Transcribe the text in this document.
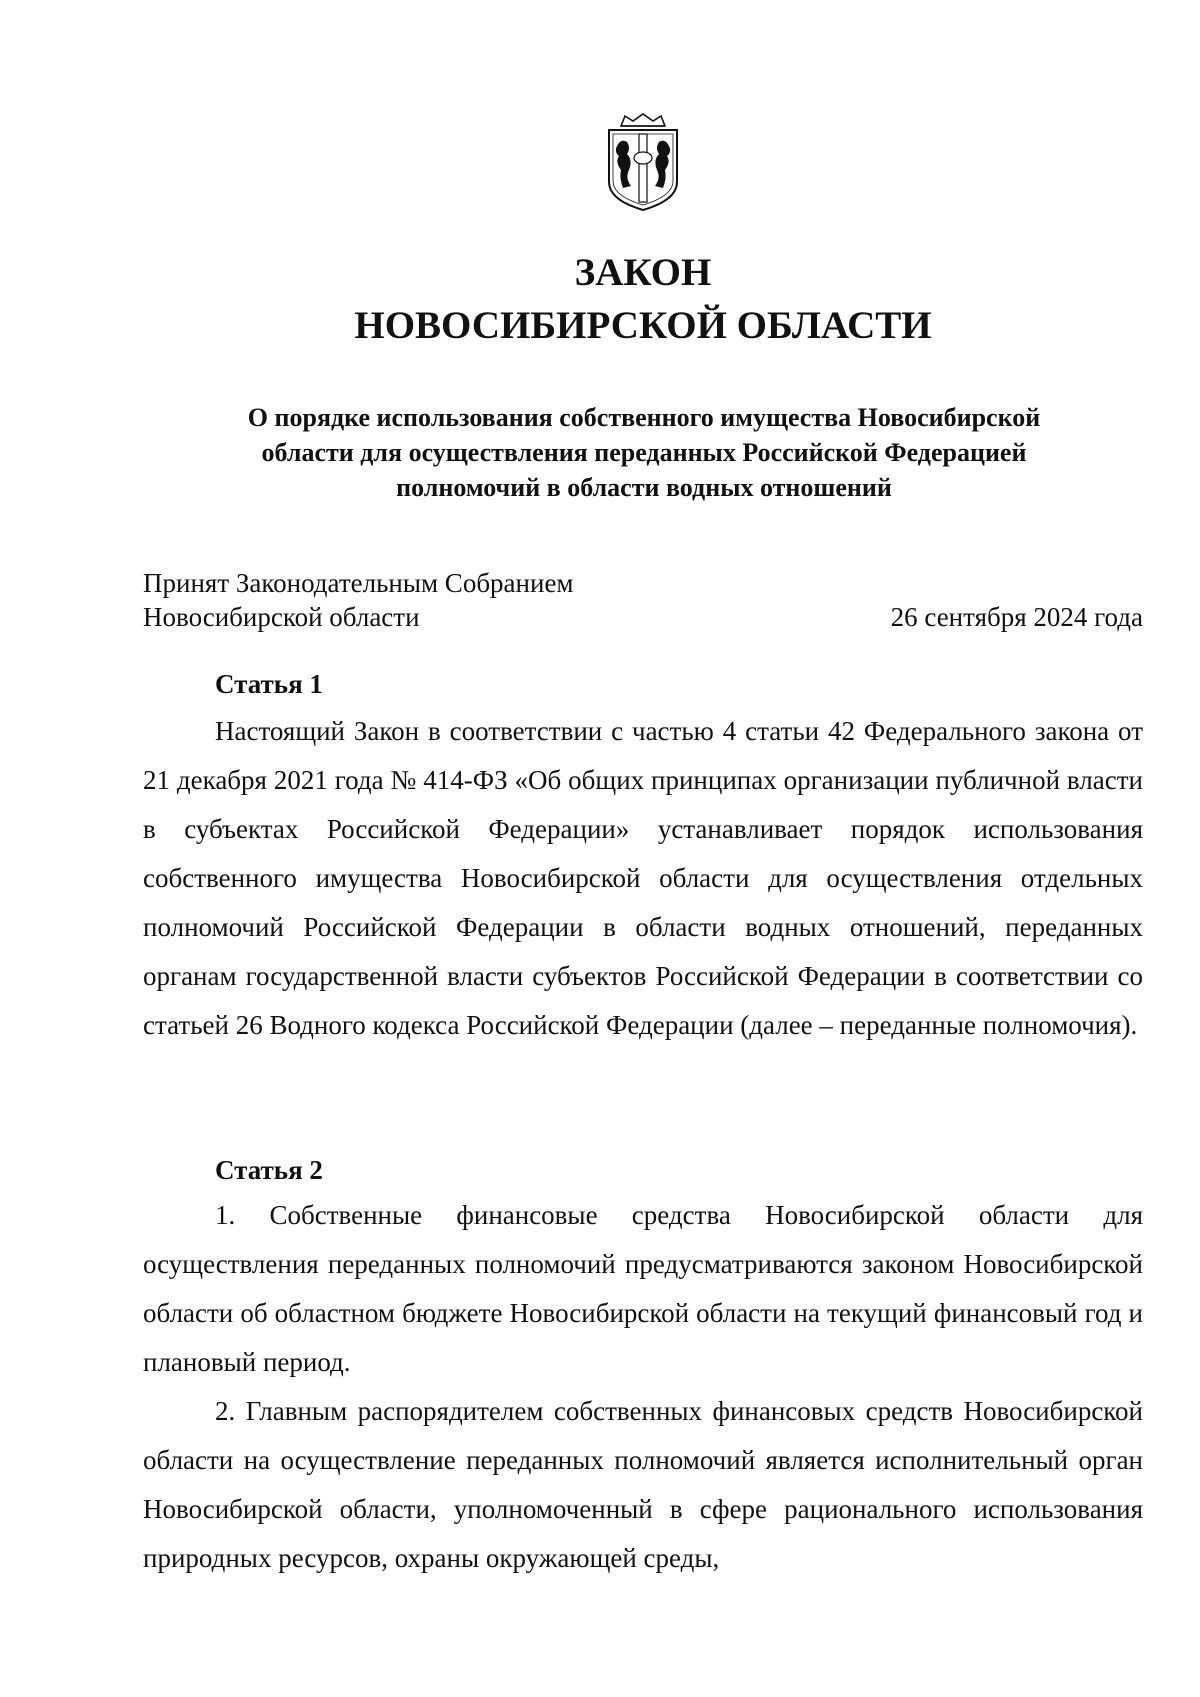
ЗАКОН
НОВОСИБИРСКОЙ ОБЛАСТИ
О порядке использования собственного имущества Новосибирской
области для осуществления переданных Российской Федерацией
полномочий в области водных отношений
Принят Законодательным Собранием
Новосибирской области	26 сентября 2024 года

Статья 1

Настоящий Закон в соответствии с частью 4 статьи 42 Федерального закона от 21 декабря 2021 года № 414-ФЗ «Об общих принципах организации публичной власти в субъектах Российской Федерации» устанавливает порядок использования собственного имущества Новосибирской области для осуществления отдельных полномочий Российской Федерации в области водных отношений, переданных органам государственной власти субъектов Российской Федерации в соответствии со статьей 26 Водного кодекса Российской Федерации (далее – переданные полномочия).

Статья 2

1. Собственные финансовые средства Новосибирской области для осуществления переданных полномочий предусматриваются законом Новосибирской области об областном бюджете Новосибирской области на текущий финансовый год и плановый период.

2. Главным распорядителем собственных финансовых средств Новосибирской области на осуществление переданных полномочий является исполнительный орган Новосибирской области, уполномоченный в сфере рационального использования природных ресурсов, охраны окружающей среды,
